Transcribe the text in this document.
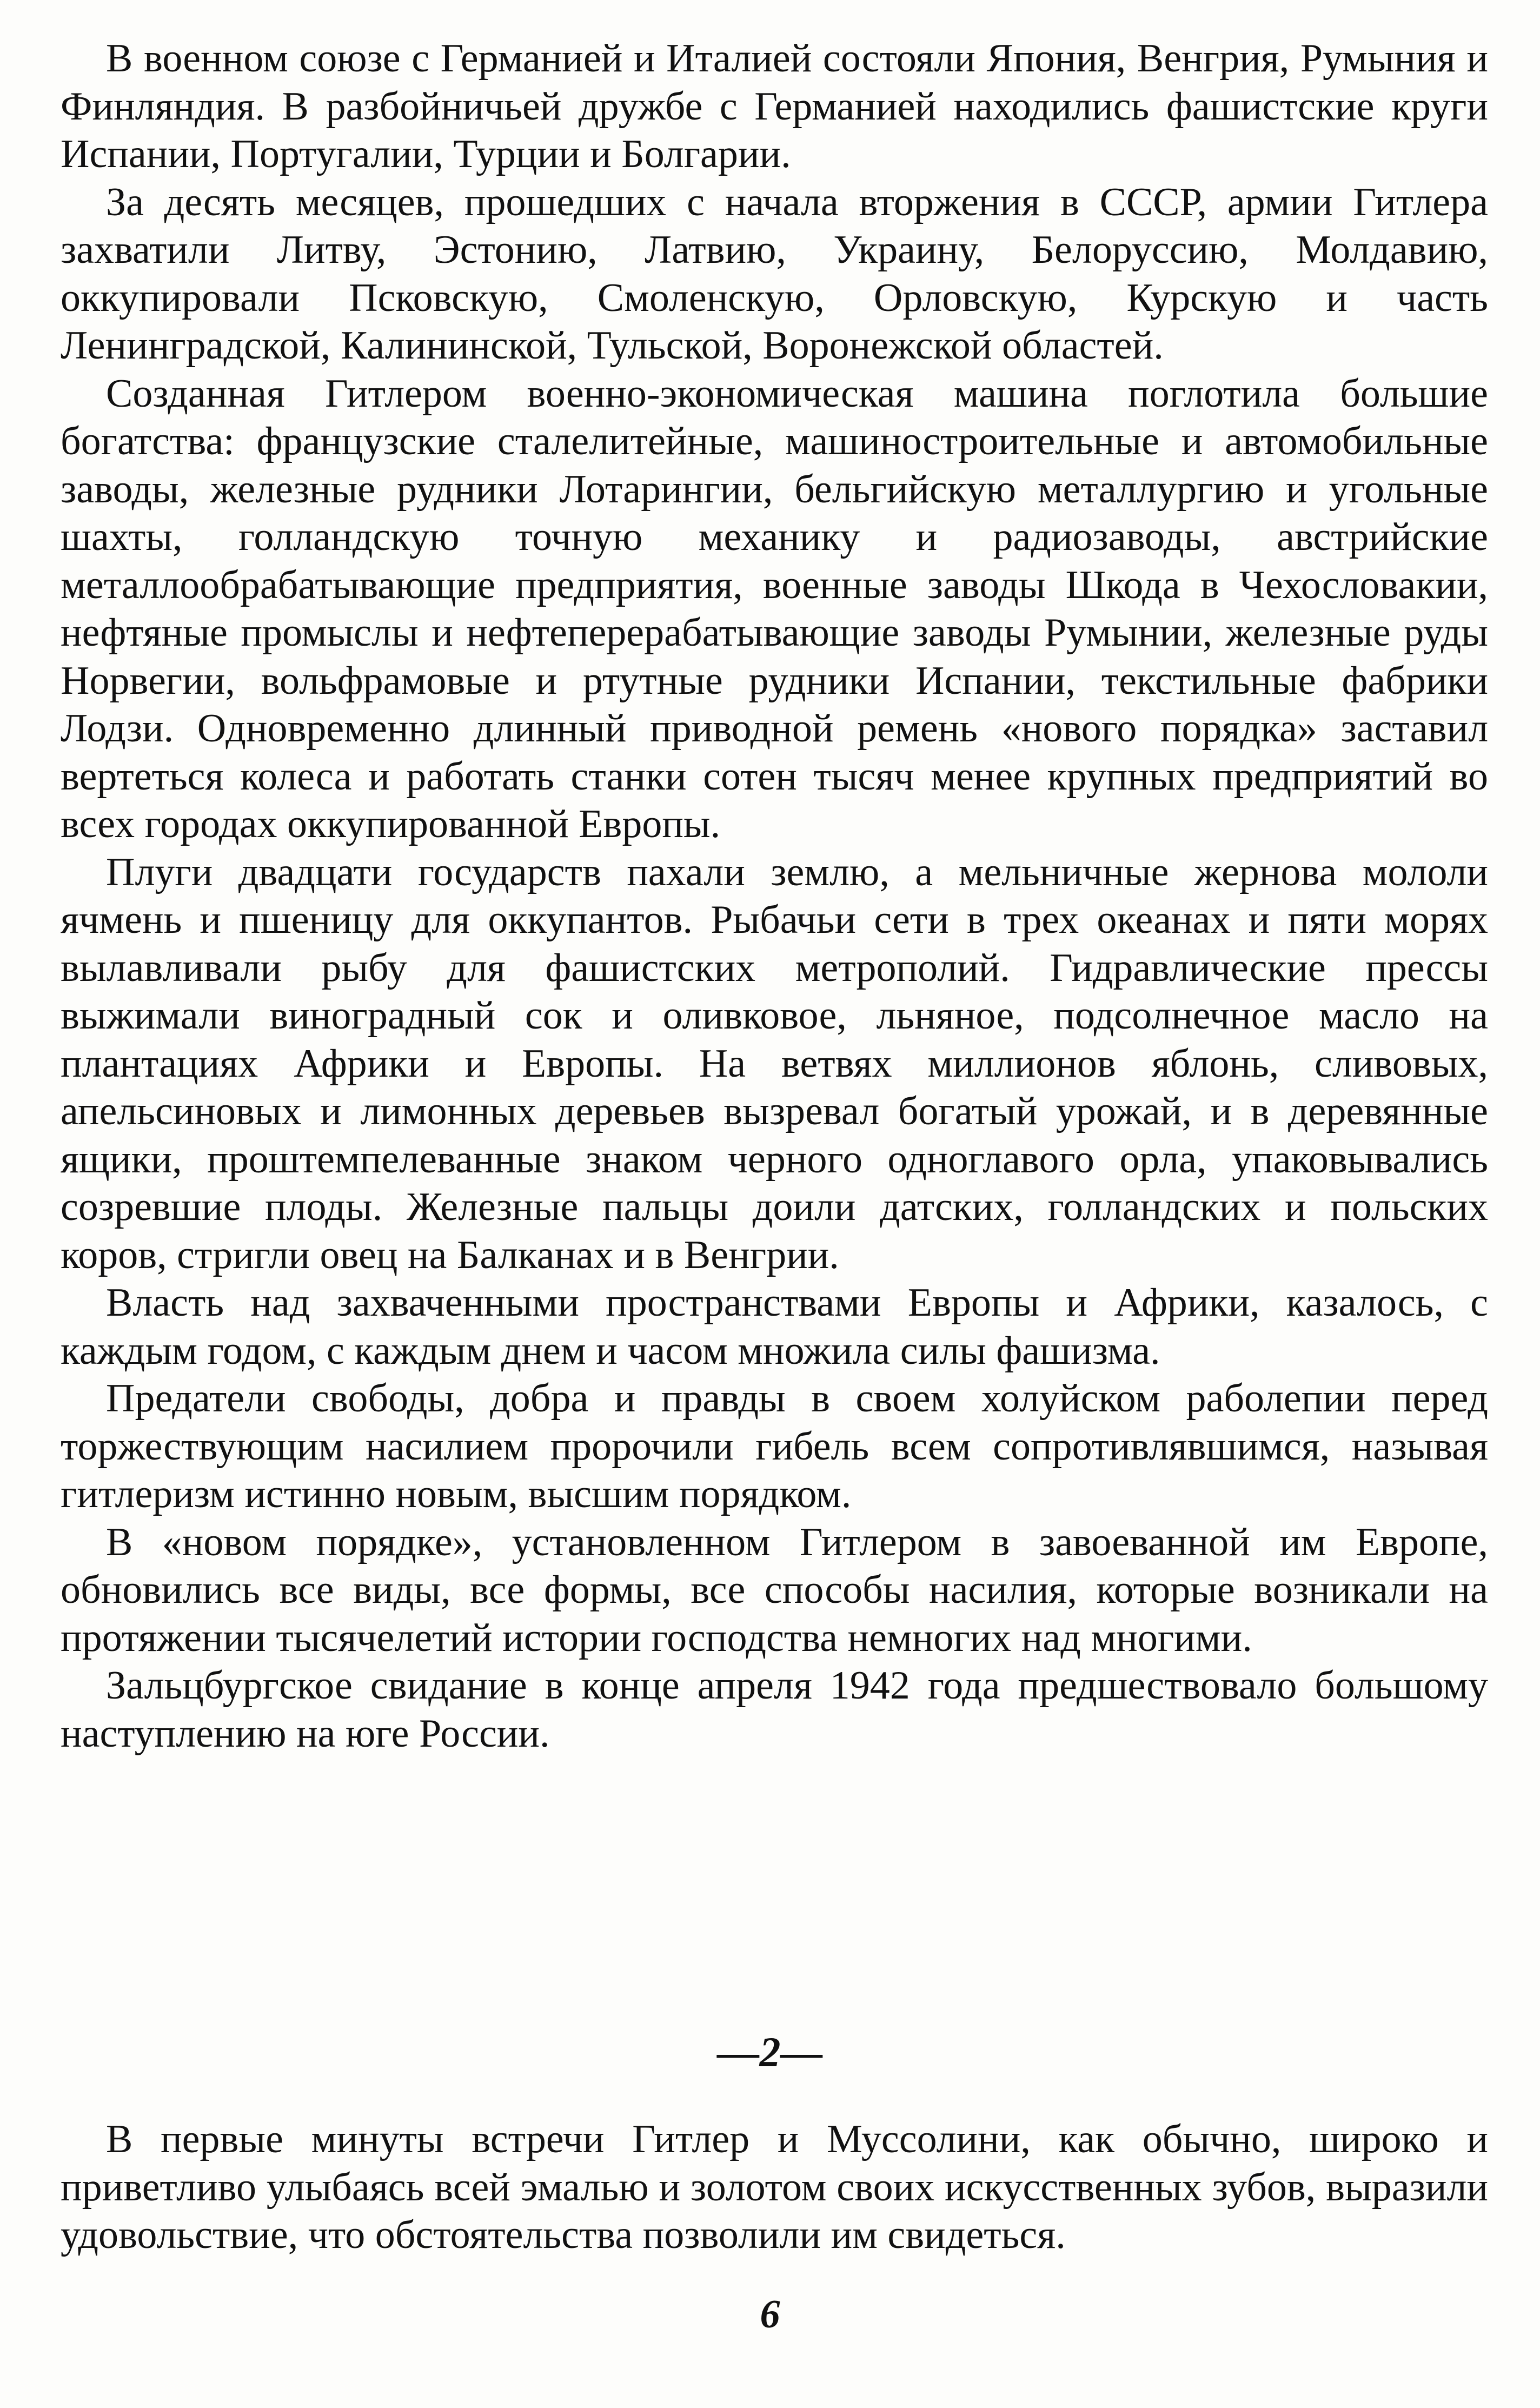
В военном союзе с Германией и Италией состояли Япония, Венгрия, Румыния и Финляндия. В разбойничьей дружбе с Германией находились фашистские круги Испании, Португалии, Турции и Болгарии.

За десять месяцев, прошедших с начала вторжения в СССР, армии Гитлера захватили Литву, Эстонию, Латвию, Украину, Белоруссию, Молдавию, оккупировали Псковскую, Смоленскую, Орловскую, Курскую и часть Ленинградской, Калининской, Тульской, Воронежской областей.

Созданная Гитлером военно-экономическая машина поглотила большие богатства: французские сталелитейные, машиностроительные и автомобильные заводы, железные рудники Лотарингии, бельгийскую металлургию и угольные шахты, голландскую точную механику и радиозаводы, австрийские металлообрабатывающие предприятия, военные заводы Шкода в Чехословакии, нефтяные промыслы и нефтеперерабатывающие заводы Румынии, железные руды Норвегии, вольфрамовые и ртутные рудники Испании, текстильные фабрики Лодзи. Одновременно длинный приводной ремень «нового порядка» заставил вертеться колеса и работать станки сотен тысяч менее крупных предприятий во всех городах оккупированной Европы.

Плуги двадцати государств пахали землю, а мельничные жернова мололи ячмень и пшеницу для оккупантов. Рыбачьи сети в трех океанах и пяти морях вылавливали рыбу для фашистских метрополий. Гидравлические прессы выжимали виноградный сок и оливковое, льняное, подсолнечное масло на плантациях Африки и Европы. На ветвях миллионов яблонь, сливовых, апельсиновых и лимонных деревьев вызревал богатый урожай, и в деревянные ящики, проштемпелеванные знаком черного одноглавого орла, упаковывались созревшие плоды. Железные пальцы доили датских, голландских и польских коров, стригли овец на Балканах и в Венгрии.

Власть над захваченными пространствами Европы и Африки, казалось, с каждым годом, с каждым днем и часом множила силы фашизма.

Предатели свободы, добра и правды в своем холуйском раболепии перед торжествующим насилием пророчили гибель всем сопротивлявшимся, называя гитлеризм истинно новым, высшим порядком.

В «новом порядке», установленном Гитлером в завоеванной им Европе, обновились все виды, все формы, все способы насилия, которые возникали на протяжении тысячелетий истории господства немногих над многими.

Зальцбургское свидание в конце апреля 1942 года предшествовало большому наступлению на юге России.

—2—

В первые минуты встречи Гитлер и Муссолини, как обычно, широко и приветливо улыбаясь всей эмалью и золотом своих искусственных зубов, выразили удовольствие, что обстоятельства позволили им свидеться.

6
